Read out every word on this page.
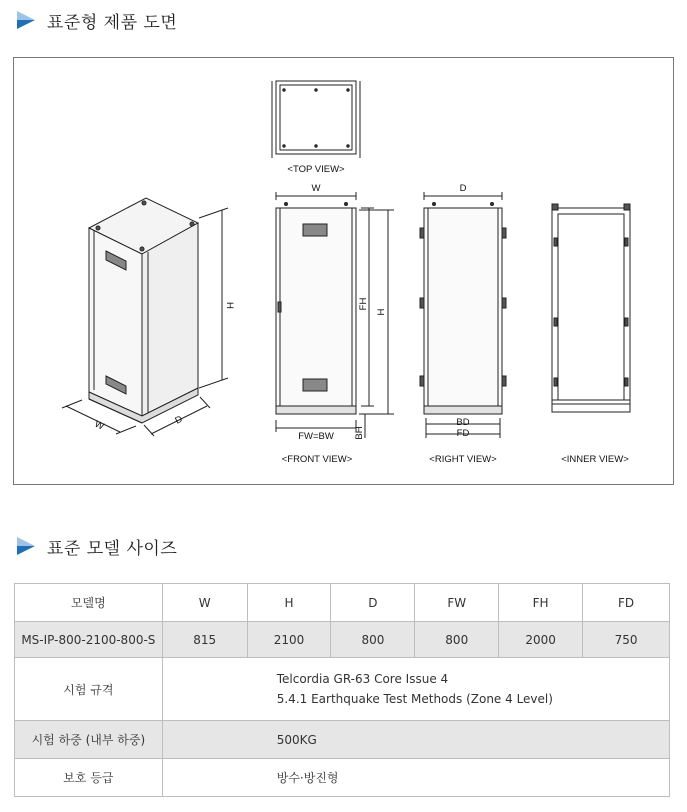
표준형 제품 도면
H
W	D
<TOP VIEW>
W
FW=BW
FH
H
BH
<FRONT VIEW>
D
BD
FD
<RIGHT VIEW>	<INNER VIEW>
표준 모델 사이즈
모델명	W	H	D	FW	FH	FD
MS-IP-800-2100-800-S	815	2100	800	800	2000	750
시험 규격	Telcordia GR-63 Core Issue 4
5.4.1 Earthquake Test Methods (Zone 4 Level)					

시험 하중 (내부 하중)	500KG					
보호 등급	방수·방진형					
